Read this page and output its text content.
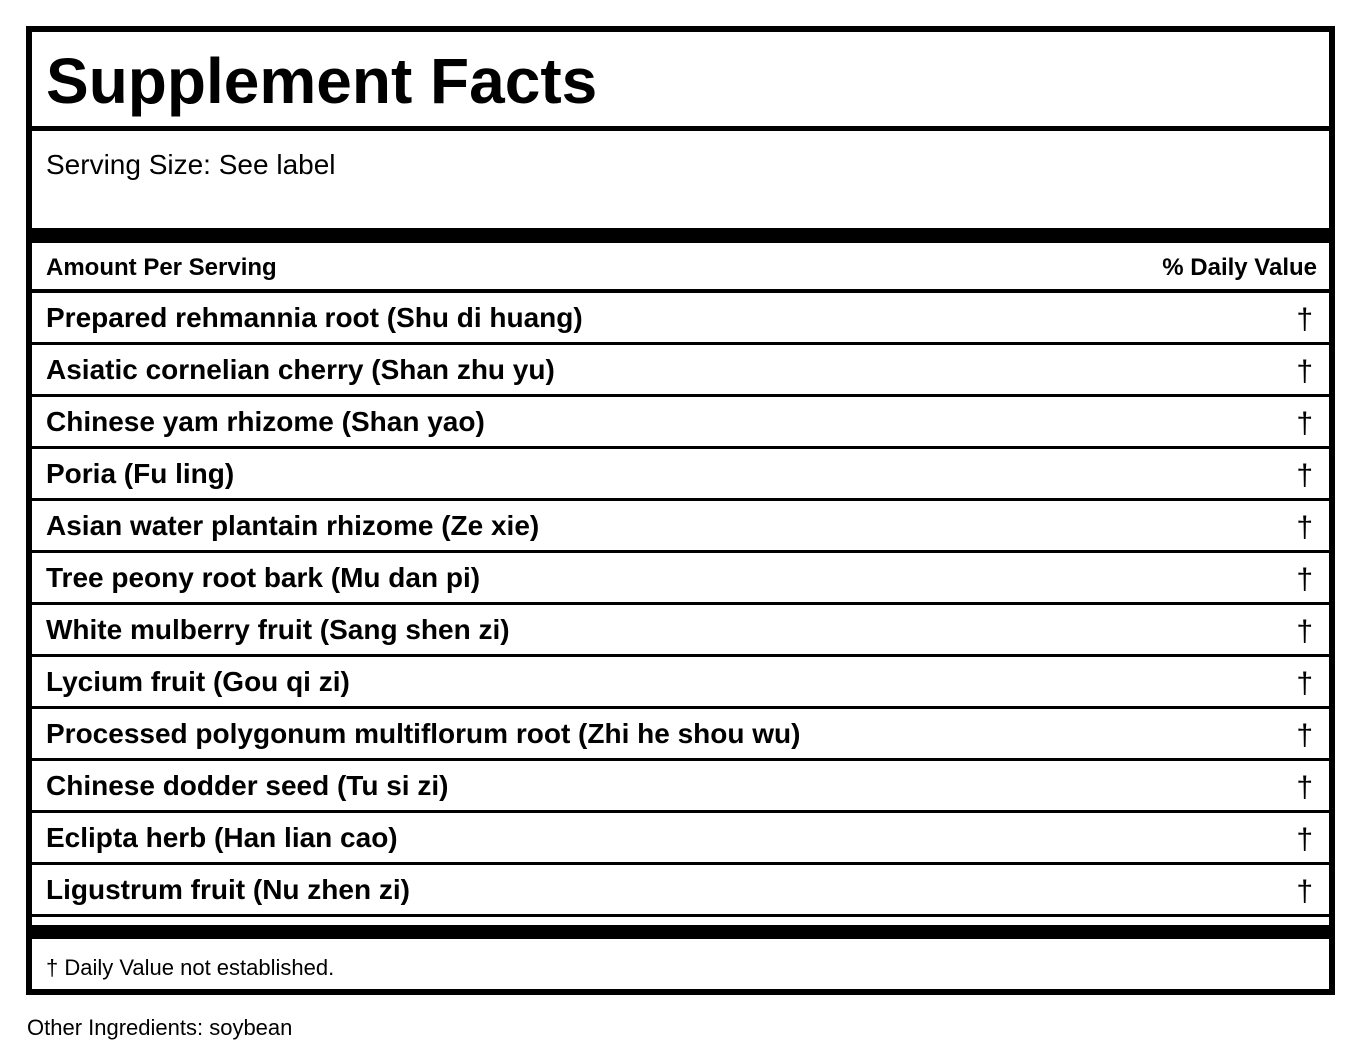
Supplement Facts
Serving Size: See label
Amount Per Serving	% Daily Value
Prepared rehmannia root (Shu di huang)	†
Asiatic cornelian cherry (Shan zhu yu)	†
Chinese yam rhizome (Shan yao)	†
Poria (Fu ling)	†
Asian water plantain rhizome (Ze xie)	†
Tree peony root bark (Mu dan pi)	†
White mulberry fruit (Sang shen zi)	†
Lycium fruit (Gou qi zi)	†
Processed polygonum multiflorum root (Zhi he shou wu)	†
Chinese dodder seed (Tu si zi)	†
Eclipta herb (Han lian cao)	†
Ligustrum fruit (Nu zhen zi)	†
† Daily Value not established.
Other Ingredients: soybean
